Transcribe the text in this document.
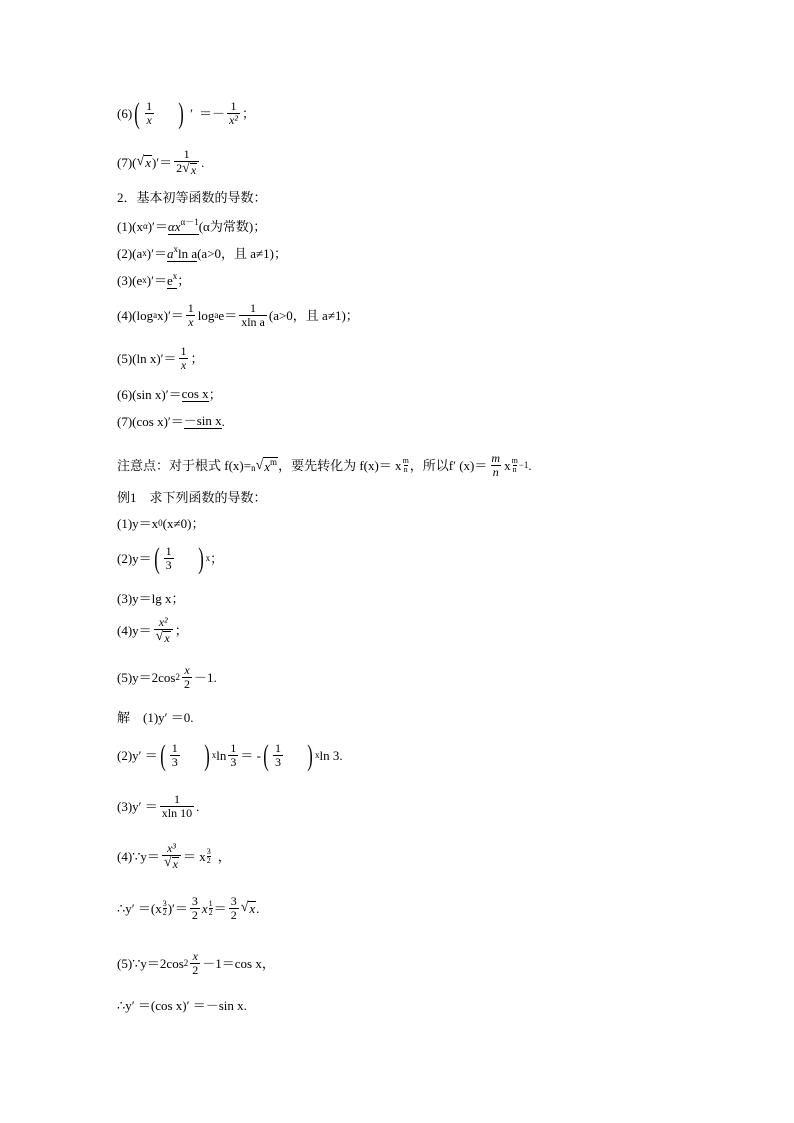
(6) ( $\frac{1}{x}$ ) ′ ＝－ $\frac{1}{\text{x²}}$ ；
(7)( √ x )′＝ $\frac{1}{2 √ x}$ .
2．基本初等函数的导数：
(1)(x α )′＝ $\alpha x^{\alpha-1}$ (α为常数)；
(2)(a x )′＝ $a^x\ln$ a (a>0，且 a≠1)；
(3)(e x )′＝ $e^x$ ；
(4)(log a $x)'= \frac{1}{x}$ log a $e= \frac{1}{\text{xln a}} (a>0$，且 a≠1)；
(5)(ln $x)'= \frac{1}{x}$ ；
(6)(sin x)′＝ cos x ；
(7)(cos x)′＝ －sin x .
注意点：对于根式 f(x)= n √ $x^m$ ，要先转化为 f(x)＝ x $\frac{m}{n}$ ，所以f′ $(x)= \frac{m}{n}$ x $\frac{m}{n} -1$ .
例1　求下列函数的导数：
(1)y＝x 0 (x≠0)；
(2)y＝ ( $\frac{1}{3}$ ) x ；
(3)y＝lg x；
$(4)y= \frac{\text{x²}}{√ x}$ ；
(5)y＝2cos $2 \frac{x}{2} -1$.
解　(1)y′ ＝0.
(2)y′ ＝ ( $\frac{1}{3}$ ) x $\ln \frac{1}{3}$ ＝ - ( $\frac{1}{3}$ ) x ln 3.
$(3)y' = \frac{1}{xln 10}$ .
(4)∵y＝ $\frac{\text{x³}}{√ x} = x \frac{3}{2}$ ，
∴y′ $=(x \frac{3}{2}$ )′＝ $\frac{3}{2}$ x $\frac{1}{2} = \frac{3}{2}$ √ x .
(5)∵y＝2cos $2 \frac{x}{2} -1=\cos$ x，
∴y′ ＝(cos x)′ ＝－sin x.
